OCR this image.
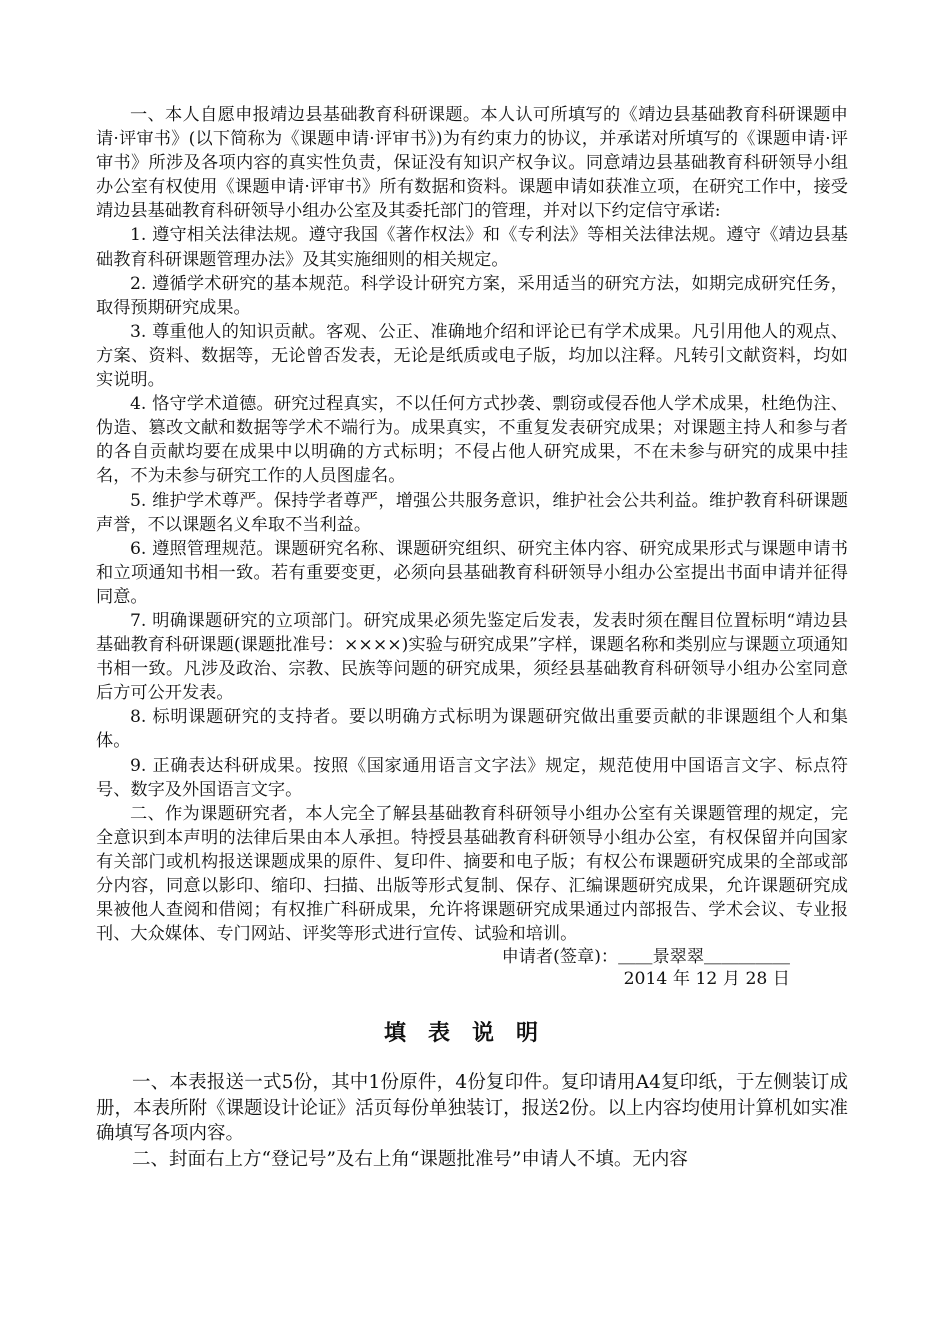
一、本人自愿申报靖边县基础教育科研课题。本人认可所填写的《靖边县基础教育科研课题申请·评审书》(以下简称为《课题申请·评审书》)为有约束力的协议，并承诺对所填写的《课题申请·评审书》所涉及各项内容的真实性负责，保证没有知识产权争议。同意靖边县基础教育科研领导小组办公室有权使用《课题申请·评审书》所有数据和资料。课题申请如获准立项，在研究工作中，接受靖边县基础教育科研领导小组办公室及其委托部门的管理，并对以下约定信守承诺:

1. 遵守相关法律法规。遵守我国《著作权法》和《专利法》等相关法律法规。遵守《靖边县基础教育科研课题管理办法》及其实施细则的相关规定。

2. 遵循学术研究的基本规范。科学设计研究方案，采用适当的研究方法，如期完成研究任务，取得预期研究成果。

3. 尊重他人的知识贡献。客观、公正、准确地介绍和评论已有学术成果。凡引用他人的观点、方案、资料、数据等，无论曾否发表，无论是纸质或电子版，均加以注释。凡转引文献资料，均如实说明。

4. 恪守学术道德。研究过程真实，不以任何方式抄袭、剽窃或侵吞他人学术成果，杜绝伪注、伪造、篡改文献和数据等学术不端行为。成果真实，不重复发表研究成果；对课题主持人和参与者的各自贡献均要在成果中以明确的方式标明；不侵占他人研究成果，不在未参与研究的成果中挂名，不为未参与研究工作的人员图虚名。

5. 维护学术尊严。保持学者尊严，增强公共服务意识，维护社会公共利益。维护教育科研课题声誉，不以课题名义牟取不当利益。

6. 遵照管理规范。课题研究名称、课题研究组织、研究主体内容、研究成果形式与课题申请书和立项通知书相一致。若有重要变更，必须向县基础教育科研领导小组办公室提出书面申请并征得同意。

7. 明确课题研究的立项部门。研究成果必须先鉴定后发表，发表时须在醒目位置标明“靖边县基础教育科研课题(课题批准号：××××)实验与研究成果”字样，课题名称和类别应与课题立项通知书相一致。凡涉及政治、宗教、民族等问题的研究成果，须经县基础教育科研领导小组办公室同意后方可公开发表。

8. 标明课题研究的支持者。要以明确方式标明为课题研究做出重要贡献的非课题组个人和集体。

9. 正确表达科研成果。按照《国家通用语言文字法》规定，规范使用中国语言文字、标点符号、数字及外国语言文字。

二、作为课题研究者，本人完全了解县基础教育科研领导小组办公室有关课题管理的规定，完全意识到本声明的法律后果由本人承担。特授县基础教育科研领导小组办公室，有权保留并向国家有关部门或机构报送课题成果的原件、复印件、摘要和电子版；有权公布课题研究成果的全部或部分内容，同意以影印、缩印、扫描、出版等形式复制、保存、汇编课题研究成果，允许课题研究成果被他人查阅和借阅；有权推广科研成果，允许将课题研究成果通过内部报告、学术会议、专业报刊、大众媒体、专门网站、评奖等形式进行宣传、试验和培训。

申请者(签章)：＿＿景翠翠＿＿＿＿＿
2014 年 12 月 28 日
填表说明

一、本表报送一式5份，其中1份原件，4份复印件。复印请用A4复印纸，于左侧装订成册，本表所附《课题设计论证》活页每份单独装订，报送2份。以上内容均使用计算机如实准确填写各项内容。

二、封面右上方“登记号”及右上角“课题批准号”申请人不填。无内容
